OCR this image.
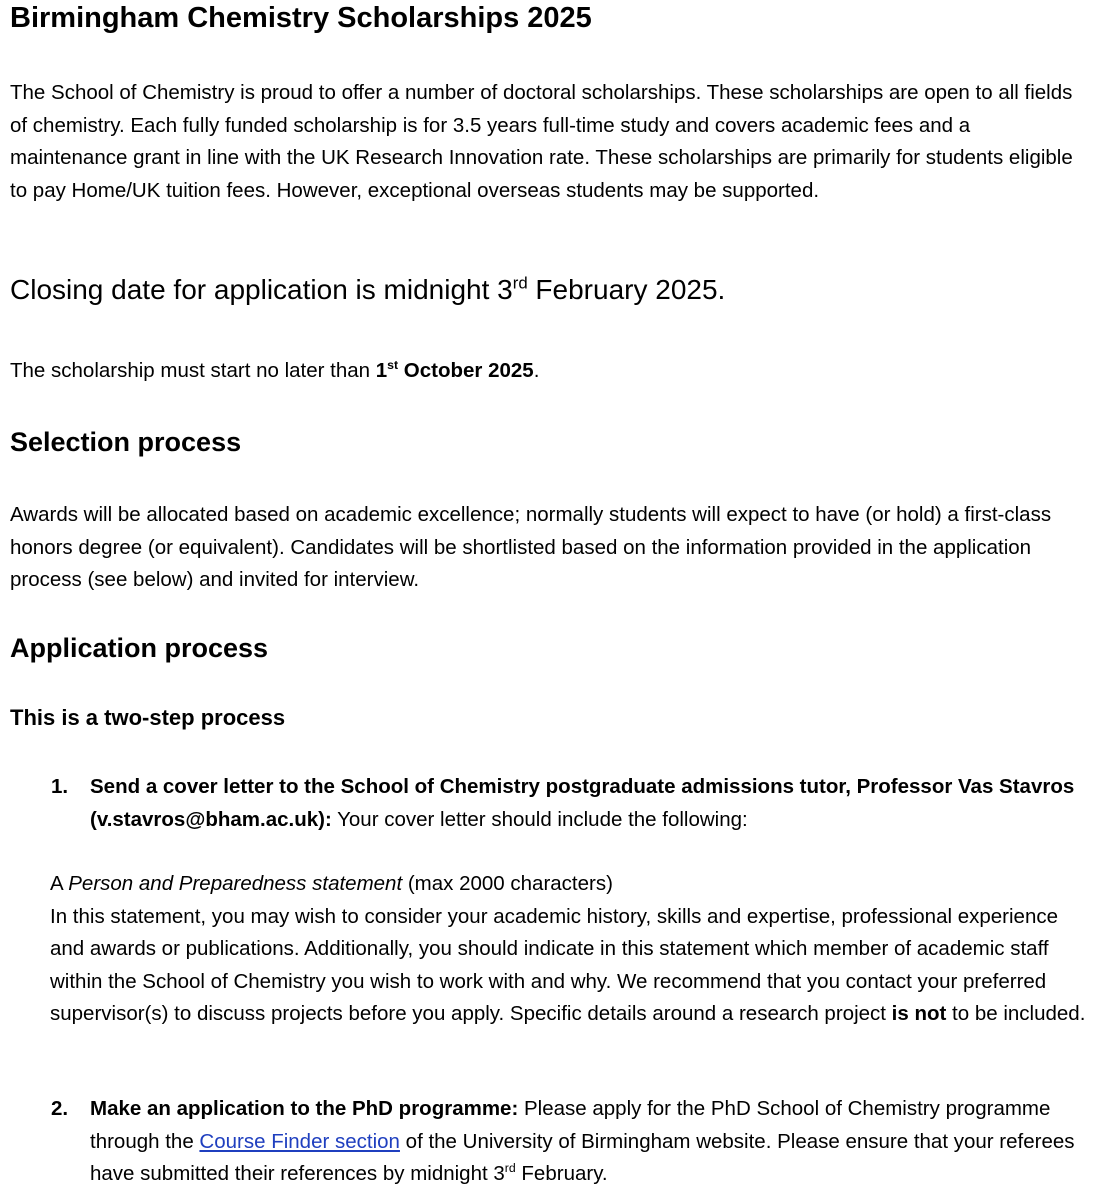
Birmingham Chemistry Scholarships 2025

The School of Chemistry is proud to offer a number of doctoral scholarships. These scholarships are open to all fields of chemistry. Each fully funded scholarship is for 3.5 years full-time study and covers academic fees and a maintenance grant in line with the UK Research Innovation rate. These scholarships are primarily for students eligible to pay Home/UK tuition fees. However, exceptional overseas students may be supported.

Closing date for application is midnight 3rd February 2025.

The scholarship must start no later than 1st October 2025.

Selection process

Awards will be allocated based on academic excellence; normally students will expect to have (or hold) a first-class honors degree (or equivalent). Candidates will be shortlisted based on the information provided in the application process (see below) and invited for interview.

Application process
This is a two-step process
1. Send a cover letter to the School of Chemistry postgraduate admissions tutor, Professor Vas Stavros (v.stavros@bham.ac.uk): Your cover letter should include the following:

A Person and Preparedness statement (max 2000 characters)
In this statement, you may wish to consider your academic history, skills and expertise, professional experience and awards or publications. Additionally, you should indicate in this statement which member of academic staff within the School of Chemistry you wish to work with and why. We recommend that you contact your preferred supervisor(s) to discuss projects before you apply. Specific details around a research project is not to be included.

2. Make an application to the PhD programme: Please apply for the PhD School of Chemistry programme through the Course Finder section of the University of Birmingham website. Please ensure that your referees have submitted their references by midnight 3rd February.
